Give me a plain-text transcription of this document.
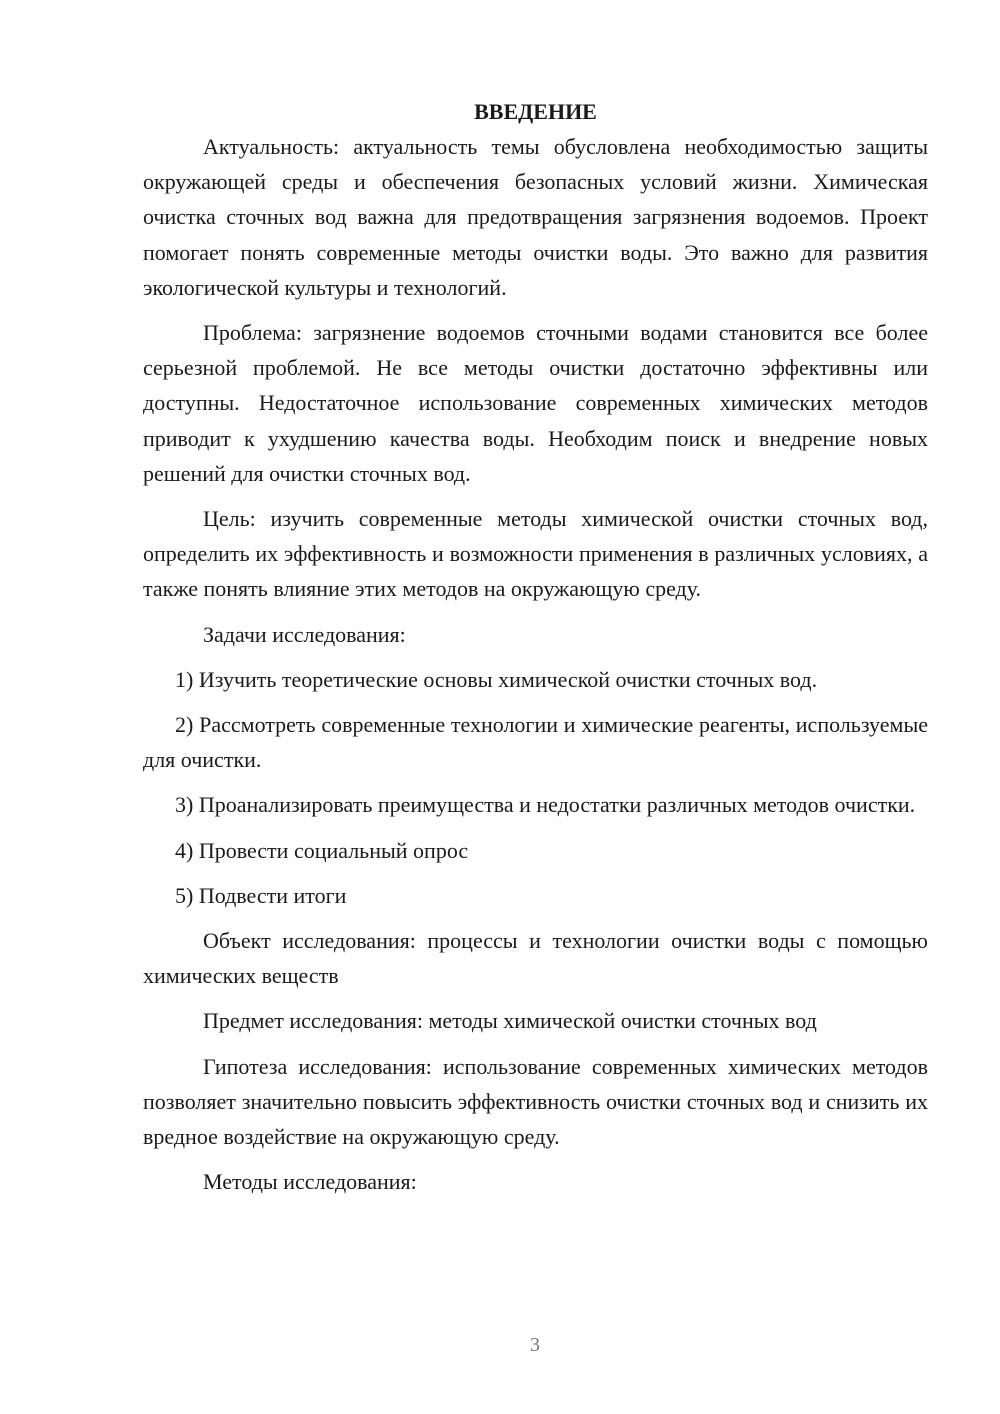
ВВЕДЕНИЕ

Актуальность: актуальность темы обусловлена необходимостью защиты окружающей среды и обеспечения безопасных условий жизни. Химическая очистка сточных вод важна для предотвращения загрязнения водоемов. Проект помогает понять современные методы очистки воды. Это важно для развития экологической культуры и технологий.

Проблема: загрязнение водоемов сточными водами становится все более серьезной проблемой. Не все методы очистки достаточно эффективны или доступны. Недостаточное использование современных химических методов приводит к ухудшению качества воды. Необходим поиск и внедрение новых решений для очистки сточных вод.

Цель: изучить современные методы химической очистки сточных вод, определить их эффективность и возможности применения в различных условиях, а также понять влияние этих методов на окружающую среду.

Задачи исследования:

1) Изучить теоретические основы химической очистки сточных вод.

2) Рассмотреть современные технологии и химические реагенты, используемые для очистки.

3) Проанализировать преимущества и недостатки различных методов очистки.

4) Провести социальный опрос

5) Подвести итоги

Объект исследования: процессы и технологии очистки воды с помощью химических веществ

Предмет исследования: методы химической очистки сточных вод

Гипотеза исследования: использование современных химических методов позволяет значительно повысить эффективность очистки сточных вод и снизить их вредное воздействие на окружающую среду.

Методы исследования:

3
